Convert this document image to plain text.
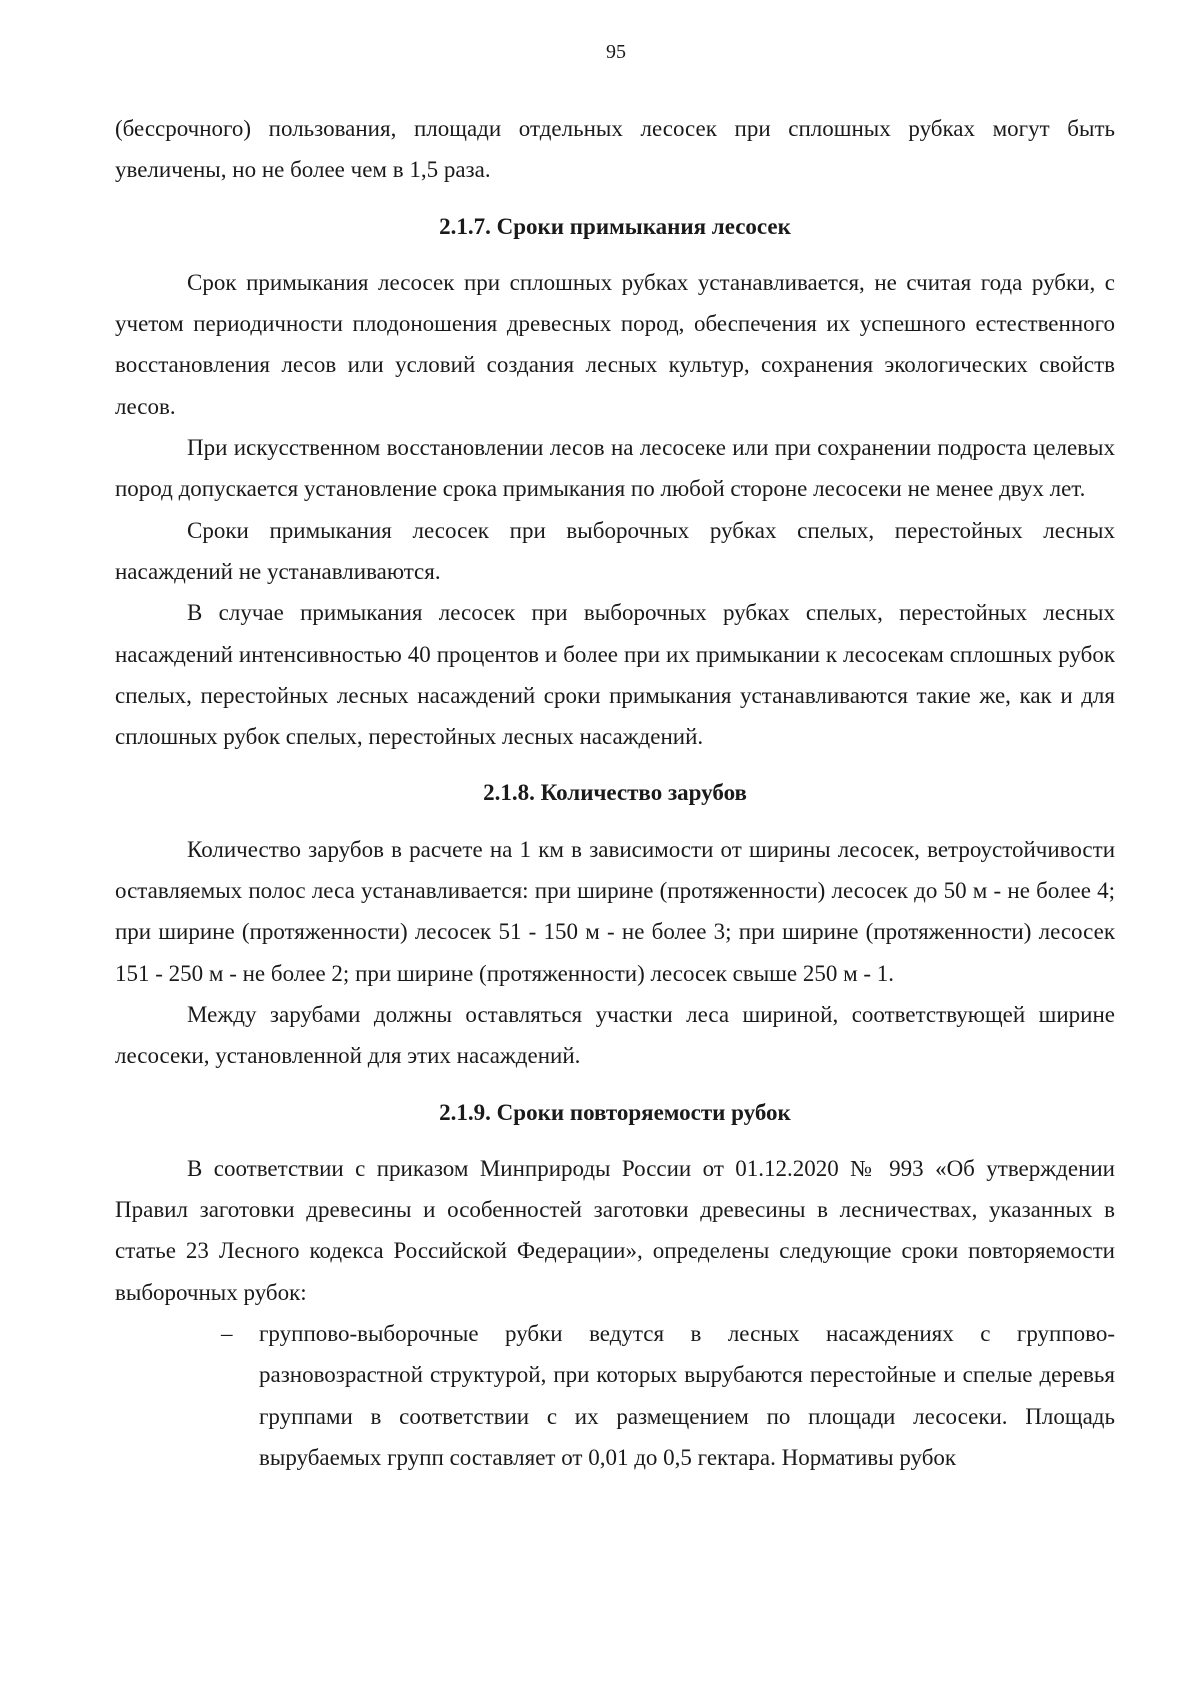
95

(бессрочного) пользования, площади отдельных лесосек при сплошных рубках могут быть увеличены, но не более чем в 1,5 раза.

2.1.7. Сроки примыкания лесосек

Срок примыкания лесосек при сплошных рубках устанавливается, не считая года рубки, с учетом периодичности плодоношения древесных пород, обеспечения их успешного естественного восстановления лесов или условий создания лесных культур, сохранения экологических свойств лесов.

При искусственном восстановлении лесов на лесосеке или при сохранении подроста целевых пород допускается установление срока примыкания по любой стороне лесосеки не менее двух лет.

Сроки примыкания лесосек при выборочных рубках спелых, перестойных лесных насаждений не устанавливаются.

В случае примыкания лесосек при выборочных рубках спелых, перестойных лесных насаждений интенсивностью 40 процентов и более при их примыкании к лесосекам сплошных рубок спелых, перестойных лесных насаждений сроки примыкания устанавливаются такие же, как и для сплошных рубок спелых, перестойных лесных насаждений.

2.1.8. Количество зарубов

Количество зарубов в расчете на 1 км в зависимости от ширины лесосек, ветроустойчивости оставляемых полос леса устанавливается: при ширине (протяженности) лесосек до 50 м - не более 4; при ширине (протяженности) лесосек 51 - 150 м - не более 3; при ширине (протяженности) лесосек 151 - 250 м - не более 2; при ширине (протяженности) лесосек свыше 250 м - 1.

Между зарубами должны оставляться участки леса шириной, соответствующей ширине лесосеки, установленной для этих насаждений.

2.1.9. Сроки повторяемости рубок

В соответствии с приказом Минприроды России от 01.12.2020 № 993 «Об утверждении Правил заготовки древесины и особенностей заготовки древесины в лесничествах, указанных в статье 23 Лесного кодекса Российской Федерации», определены следующие сроки повторяемости выборочных рубок:

– группово-выборочные рубки ведутся в лесных насаждениях с группово-разновозрастной структурой, при которых вырубаются перестойные и спелые деревья группами в соответствии с их размещением по площади лесосеки. Площадь вырубаемых групп составляет от 0,01 до 0,5 гектара. Нормативы рубок
